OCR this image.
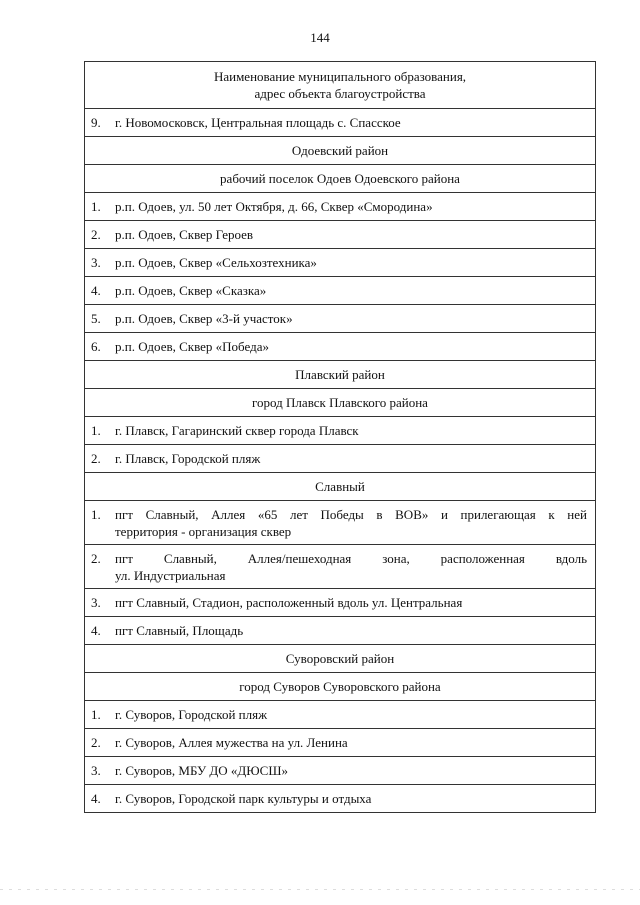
144
Наименование муниципального образования,
адрес объекта благоустройства

9. г. Новомосковск, Центральная площадь с. Спасское
Одоевский район
рабочий поселок Одоев Одоевского района
1. р.п. Одоев, ул. 50 лет Октября, д. 66, Сквер «Смородина»
2. р.п. Одоев, Сквер Героев
3. р.п. Одоев, Сквер «Сельхозтехника»
4. р.п. Одоев, Сквер «Сказка»
5. р.п. Одоев, Сквер «3-й участок»
6. р.п. Одоев, Сквер «Победа»
Плавский район
город Плавск Плавского района
1. г. Плавск, Гагаринский сквер города Плавск
2. г. Плавск, Городской пляж
Славный
1. пгт Славный, Аллея «65 лет Победы в ВОВ» и прилегающая к ней
территория - организация сквер

2. пгт Славный, Аллея/пешеходная зона, расположенная вдоль
ул. Индустриальная

3. пгт Славный, Стадион, расположенный вдоль ул. Центральная
4. пгт Славный, Площадь
Суворовский район
город Суворов Суворовского района
1. г. Суворов, Городской пляж
2. г. Суворов, Аллея мужества на ул. Ленина
3. г. Суворов, МБУ ДО «ДЮСШ»
4. г. Суворов, Городской парк культуры и отдыха
